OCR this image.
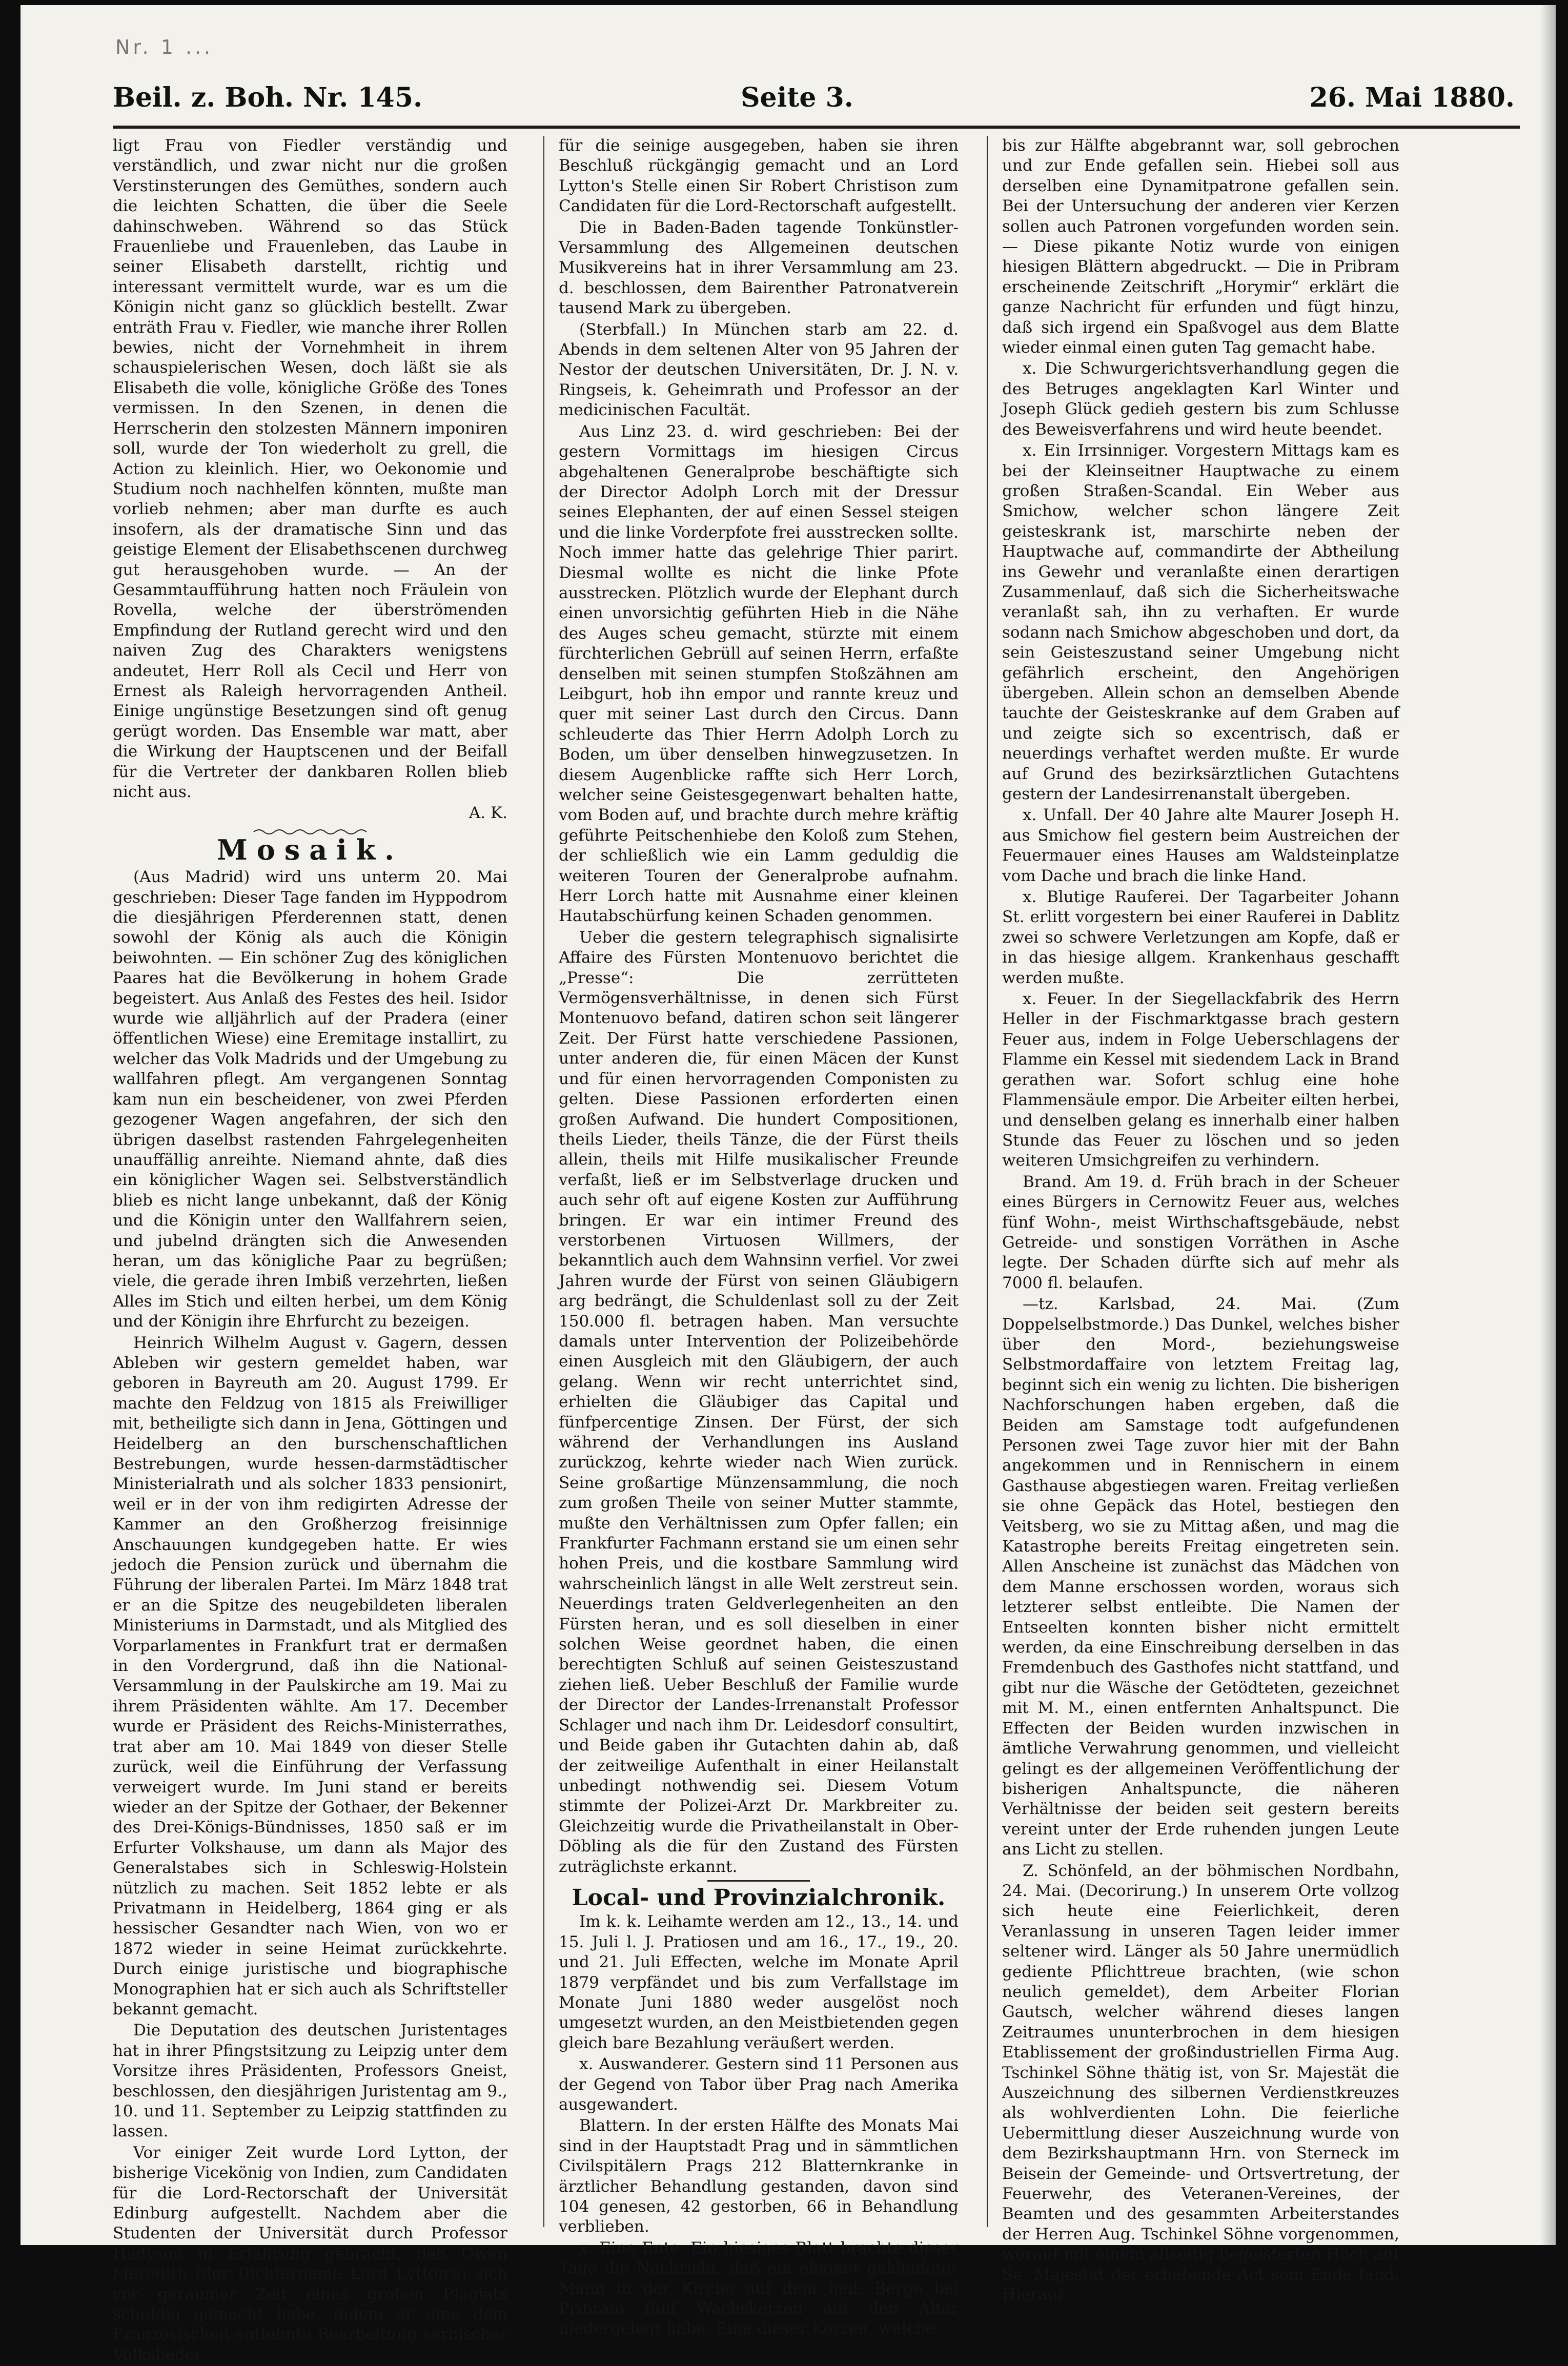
Nr. 1 ...
Beil. z. Boh. Nr. 145.	Seite 3.	26. Mai 1880.

ligt Frau von Fiedler verständig und verständlich, und zwar nicht nur die großen Verstinsterungen des Gemüthes, sondern auch die leichten Schatten, die über die Seele dahinschweben. Während so das Stück Frauenliebe und Frauenleben, das Laube in seiner Elisabeth darstellt, richtig und interessant vermittelt wurde, war es um die Königin nicht ganz so glücklich bestellt. Zwar enträth Frau v. Fiedler, wie manche ihrer Rollen bewies, nicht der Vornehmheit in ihrem schauspielerischen Wesen, doch läßt sie als Elisabeth die volle, königliche Größe des Tones vermissen. In den Szenen, in denen die Herrscherin den stolzesten Männern imponiren soll, wurde der Ton wiederholt zu grell, die Action zu kleinlich. Hier, wo Oekonomie und Studium noch nachhelfen könnten, mußte man vorlieb nehmen; aber man durfte es auch insofern, als der dramatische Sinn und das geistige Element der Elisabethscenen durchweg gut herausgehoben wurde. — An der Gesammtaufführung hatten noch Fräulein von Rovella, welche der überströmenden Empfindung der Rutland gerecht wird und den naiven Zug des Charakters wenigstens andeutet, Herr Roll als Cecil und Herr von Ernest als Raleigh hervorragenden Antheil. Einige ungünstige Besetzungen sind oft genug gerügt worden. Das Ensemble war matt, aber die Wirkung der Hauptscenen und der Beifall für die Vertreter der dankbaren Rollen blieb nicht aus.

A. K.

Mosaik.

(Aus Madrid) wird uns unterm 20. Mai geschrieben: Dieser Tage fanden im Hyppodrom die diesjährigen Pferderennen statt, denen sowohl der König als auch die Königin beiwohnten. — Ein schöner Zug des königlichen Paares hat die Bevölkerung in hohem Grade begeistert. Aus Anlaß des Festes des heil. Isidor wurde wie alljährlich auf der Pradera (einer öffentlichen Wiese) eine Eremitage installirt, zu welcher das Volk Madrids und der Umgebung zu wallfahren pflegt. Am vergangenen Sonntag kam nun ein bescheidener, von zwei Pferden gezogener Wagen angefahren, der sich den übrigen daselbst rastenden Fahrgelegenheiten unauffällig anreihte. Niemand ahnte, daß dies ein königlicher Wagen sei. Selbstverständlich blieb es nicht lange unbekannt, daß der König und die Königin unter den Wallfahrern seien, und jubelnd drängten sich die Anwesenden heran, um das königliche Paar zu begrüßen; viele, die gerade ihren Imbiß verzehrten, ließen Alles im Stich und eilten herbei, um dem König und der Königin ihre Ehrfurcht zu bezeigen.

Heinrich Wilhelm August v. Gagern, dessen Ableben wir gestern gemeldet haben, war geboren in Bayreuth am 20. August 1799. Er machte den Feldzug von 1815 als Freiwilliger mit, betheiligte sich dann in Jena, Göttingen und Heidelberg an den burschenschaftlichen Bestrebungen, wurde hessen-darmstädtischer Ministerialrath und als solcher 1833 pensionirt, weil er in der von ihm redigirten Adresse der Kammer an den Großherzog freisinnige Anschauungen kundgegeben hatte. Er wies jedoch die Pension zurück und übernahm die Führung der liberalen Partei. Im März 1848 trat er an die Spitze des neugebildeten liberalen Ministeriums in Darmstadt, und als Mitglied des Vorparlamentes in Frankfurt trat er dermaßen in den Vordergrund, daß ihn die National-Versammlung in der Paulskirche am 19. Mai zu ihrem Präsidenten wählte. Am 17. December wurde er Präsident des Reichs-Ministerrathes, trat aber am 10. Mai 1849 von dieser Stelle zurück, weil die Einführung der Verfassung verweigert wurde. Im Juni stand er bereits wieder an der Spitze der Gothaer, der Bekenner des Drei-Königs-Bündnisses, 1850 saß er im Erfurter Volkshause, um dann als Major des Generalstabes sich in Schleswig-Holstein nützlich zu machen. Seit 1852 lebte er als Privatmann in Heidelberg, 1864 ging er als hessischer Gesandter nach Wien, von wo er 1872 wieder in seine Heimat zurückkehrte. Durch einige juristische und biographische Monographien hat er sich auch als Schriftsteller bekannt gemacht.

Die Deputation des deutschen Juristentages hat in ihrer Pfingstsitzung zu Leipzig unter dem Vorsitze ihres Präsidenten, Professors Gneist, beschlossen, den diesjährigen Juristentag am 9., 10. und 11. September zu Leipzig stattfinden zu lassen.

Vor einiger Zeit wurde Lord Lytton, der bisherige Vicekönig von Indien, zum Candidaten für die Lord-Rectorschaft der Universität Edinburg aufgestellt. Nachdem aber die Studenten der Universität durch Professor Hadyson in Erfahrung gebracht, daß Owen Meredith (der Dichtername Lord Lytton's) sich vor geraumer Zeit eines groben Plagiats schuldig gemacht habe, indem er eine dem Französischen entlehnte Bearbeitung serbischer Volkslieder

für die seinige ausgegeben, haben sie ihren Beschluß rückgängig gemacht und an Lord Lytton's Stelle einen Sir Robert Christison zum Candidaten für die Lord-Rectorschaft aufgestellt.

Die in Baden-Baden tagende Tonkünstler-Versammlung des Allgemeinen deutschen Musikvereins hat in ihrer Versammlung am 23. d. beschlossen, dem Bairenther Patronatverein tausend Mark zu übergeben.

(Sterbfall.) In München starb am 22. d. Abends in dem seltenen Alter von 95 Jahren der Nestor der deutschen Universitäten, Dr. J. N. v. Ringseis, k. Geheimrath und Professor an der medicinischen Facultät.

Aus Linz 23. d. wird geschrieben: Bei der gestern Vormittags im hiesigen Circus abgehaltenen Generalprobe beschäftigte sich der Director Adolph Lorch mit der Dressur seines Elephanten, der auf einen Sessel steigen und die linke Vorderpfote frei ausstrecken sollte. Noch immer hatte das gelehrige Thier parirt. Diesmal wollte es nicht die linke Pfote ausstrecken. Plötzlich wurde der Elephant durch einen unvorsichtig geführten Hieb in die Nähe des Auges scheu gemacht, stürzte mit einem fürchterlichen Gebrüll auf seinen Herrn, erfaßte denselben mit seinen stumpfen Stoßzähnen am Leibgurt, hob ihn empor und rannte kreuz und quer mit seiner Last durch den Circus. Dann schleuderte das Thier Herrn Adolph Lorch zu Boden, um über denselben hinwegzusetzen. In diesem Augenblicke raffte sich Herr Lorch, welcher seine Geistesgegenwart behalten hatte, vom Boden auf, und brachte durch mehre kräftig geführte Peitschenhiebe den Koloß zum Stehen, der schließlich wie ein Lamm geduldig die weiteren Touren der Generalprobe aufnahm. Herr Lorch hatte mit Ausnahme einer kleinen Hautabschürfung keinen Schaden genommen.

Ueber die gestern telegraphisch signalisirte Affaire des Fürsten Montenuovo berichtet die „Presse“: Die zerrütteten Vermögensverhältnisse, in denen sich Fürst Montenuovo befand, datiren schon seit längerer Zeit. Der Fürst hatte verschiedene Passionen, unter anderen die, für einen Mäcen der Kunst und für einen hervorragenden Componisten zu gelten. Diese Passionen erforderten einen großen Aufwand. Die hundert Compositionen, theils Lieder, theils Tänze, die der Fürst theils allein, theils mit Hilfe musikalischer Freunde verfaßt, ließ er im Selbstverlage drucken und auch sehr oft auf eigene Kosten zur Aufführung bringen. Er war ein intimer Freund des verstorbenen Virtuosen Willmers, der bekanntlich auch dem Wahnsinn verfiel. Vor zwei Jahren wurde der Fürst von seinen Gläubigern arg bedrängt, die Schuldenlast soll zu der Zeit 150.000 fl. betragen haben. Man versuchte damals unter Intervention der Polizeibehörde einen Ausgleich mit den Gläubigern, der auch gelang. Wenn wir recht unterrichtet sind, erhielten die Gläubiger das Capital und fünfpercentige Zinsen. Der Fürst, der sich während der Verhandlungen ins Ausland zurückzog, kehrte wieder nach Wien zurück. Seine großartige Münzensammlung, die noch zum großen Theile von seiner Mutter stammte, mußte den Verhältnissen zum Opfer fallen; ein Frankfurter Fachmann erstand sie um einen sehr hohen Preis, und die kostbare Sammlung wird wahrscheinlich längst in alle Welt zerstreut sein. Neuerdings traten Geldverlegenheiten an den Fürsten heran, und es soll dieselben in einer solchen Weise geordnet haben, die einen berechtigten Schluß auf seinen Geisteszustand ziehen ließ. Ueber Beschluß der Familie wurde der Director der Landes-Irrenanstalt Professor Schlager und nach ihm Dr. Leidesdorf consultirt, und Beide gaben ihr Gutachten dahin ab, daß der zeitweilige Aufenthalt in einer Heilanstalt unbedingt nothwendig sei. Diesem Votum stimmte der Polizei-Arzt Dr. Markbreiter zu. Gleichzeitig wurde die Privatheilanstalt in Ober-Döbling als die für den Zustand des Fürsten zuträglichste erkannt.

Local- und Provinzialchronik.

Im k. k. Leihamte werden am 12., 13., 14. und 15. Juli l. J. Pratiosen und am 16., 17., 19., 20. und 21. Juli Effecten, welche im Monate April 1879 verpfändet und bis zum Verfallstage im Monate Juni 1880 weder ausgelöst noch umgesetzt wurden, an den Meistbietenden gegen gleich bare Bezahlung veräußert werden.

x. Auswanderer. Gestern sind 11 Personen aus der Gegend von Tabor über Prag nach Amerika ausgewandert.

Blattern. In der ersten Hälfte des Monats Mai sind in der Hauptstadt Prag und in sämmtlichen Civilspitälern Prags 212 Blatternkranke in ärztlicher Behandlung gestanden, davon sind 104 genesen, 42 gestorben, 66 in Behandlung verblieben.

x. Eine Ente. Ein hiesiges Blatt brachte dieser Tage die Nachricht, daß ein elegant gekleideter Mann in der Kirche auf dem heil. Berge bei Pribram fünf Wachskerzen auf den Altar niedergelegt habe. Eine dieser Kerzen, welche

bis zur Hälfte abgebrannt war, soll gebrochen und zur Ende gefallen sein. Hiebei soll aus derselben eine Dynamitpatrone gefallen sein. Bei der Untersuchung der anderen vier Kerzen sollen auch Patronen vorgefunden worden sein. — Diese pikante Notiz wurde von einigen hiesigen Blättern abgedruckt. — Die in Pribram erscheinende Zeitschrift „Horymir“ erklärt die ganze Nachricht für erfunden und fügt hinzu, daß sich irgend ein Spaßvogel aus dem Blatte wieder einmal einen guten Tag gemacht habe.

x. Die Schwurgerichtsverhandlung gegen die des Betruges angeklagten Karl Winter und Joseph Glück gedieh gestern bis zum Schlusse des Beweisverfahrens und wird heute beendet.

x. Ein Irrsinniger. Vorgestern Mittags kam es bei der Kleinseitner Hauptwache zu einem großen Straßen-Scandal. Ein Weber aus Smichow, welcher schon längere Zeit geisteskrank ist, marschirte neben der Hauptwache auf, commandirte der Abtheilung ins Gewehr und veranlaßte einen derartigen Zusammenlauf, daß sich die Sicherheitswache veranlaßt sah, ihn zu verhaften. Er wurde sodann nach Smichow abgeschoben und dort, da sein Geisteszustand seiner Umgebung nicht gefährlich erscheint, den Angehörigen übergeben. Allein schon an demselben Abende tauchte der Geisteskranke auf dem Graben auf und zeigte sich so excentrisch, daß er neuerdings verhaftet werden mußte. Er wurde auf Grund des bezirksärztlichen Gutachtens gestern der Landesirrenanstalt übergeben.

x. Unfall. Der 40 Jahre alte Maurer Joseph H. aus Smichow fiel gestern beim Austreichen der Feuermauer eines Hauses am Waldsteinplatze vom Dache und brach die linke Hand.

x. Blutige Rauferei. Der Tagarbeiter Johann St. erlitt vorgestern bei einer Rauferei in Dablitz zwei so schwere Verletzungen am Kopfe, daß er in das hiesige allgem. Krankenhaus geschafft werden mußte.

x. Feuer. In der Siegellackfabrik des Herrn Heller in der Fischmarktgasse brach gestern Feuer aus, indem in Folge Ueberschlagens der Flamme ein Kessel mit siedendem Lack in Brand gerathen war. Sofort schlug eine hohe Flammensäule empor. Die Arbeiter eilten herbei, und denselben gelang es innerhalb einer halben Stunde das Feuer zu löschen und so jeden weiteren Umsichgreifen zu verhindern.

Brand. Am 19. d. Früh brach in der Scheuer eines Bürgers in Cernowitz Feuer aus, welches fünf Wohn-, meist Wirthschaftsgebäude, nebst Getreide- und sonstigen Vorräthen in Asche legte. Der Schaden dürfte sich auf mehr als 7000 fl. belaufen.

—tz. Karlsbad, 24. Mai. (Zum Doppelselbstmorde.) Das Dunkel, welches bisher über den Mord-, beziehungsweise Selbstmordaffaire von letztem Freitag lag, beginnt sich ein wenig zu lichten. Die bisherigen Nachforschungen haben ergeben, daß die Beiden am Samstage todt aufgefundenen Personen zwei Tage zuvor hier mit der Bahn angekommen und in Rennischern in einem Gasthause abgestiegen waren. Freitag verließen sie ohne Gepäck das Hotel, bestiegen den Veitsberg, wo sie zu Mittag aßen, und mag die Katastrophe bereits Freitag eingetreten sein. Allen Anscheine ist zunächst das Mädchen von dem Manne erschossen worden, woraus sich letzterer selbst entleibte. Die Namen der Entseelten konnten bisher nicht ermittelt werden, da eine Einschreibung derselben in das Fremdenbuch des Gasthofes nicht stattfand, und gibt nur die Wäsche der Getödteten, gezeichnet mit M. M., einen entfernten Anhaltspunct. Die Effecten der Beiden wurden inzwischen in ämtliche Verwahrung genommen, und vielleicht gelingt es der allgemeinen Veröffentlichung der bisherigen Anhaltspuncte, die näheren Verhältnisse der beiden seit gestern bereits vereint unter der Erde ruhenden jungen Leute ans Licht zu stellen.

Z. Schönfeld, an der böhmischen Nordbahn, 24. Mai. (Decorirung.) In unserem Orte vollzog sich heute eine Feierlichkeit, deren Veranlassung in unseren Tagen leider immer seltener wird. Länger als 50 Jahre unermüdlich gediente Pflichttreue brachten, (wie schon neulich gemeldet), dem Arbeiter Florian Gautsch, welcher während dieses langen Zeitraumes ununterbrochen in dem hiesigen Etablissement der großindustriellen Firma Aug. Tschinkel Söhne thätig ist, von Sr. Majestät die Auszeichnung des silbernen Verdienstkreuzes als wohlverdienten Lohn. Die feierliche Uebermittlung dieser Auszeichnung wurde von dem Bezirkshauptmann Hrn. von Sterneck im Beisein der Gemeinde- und Ortsvertretung, der Feuerwehr, des Veteranen-Vereines, der Beamten und des gesammten Arbeiterstandes der Herren Aug. Tschinkel Söhne vorgenommen, worauf mit einem allseitig begeisterten Hoch auf Se. Majestät der erhebende Act sein Ende fand. Hierauf
